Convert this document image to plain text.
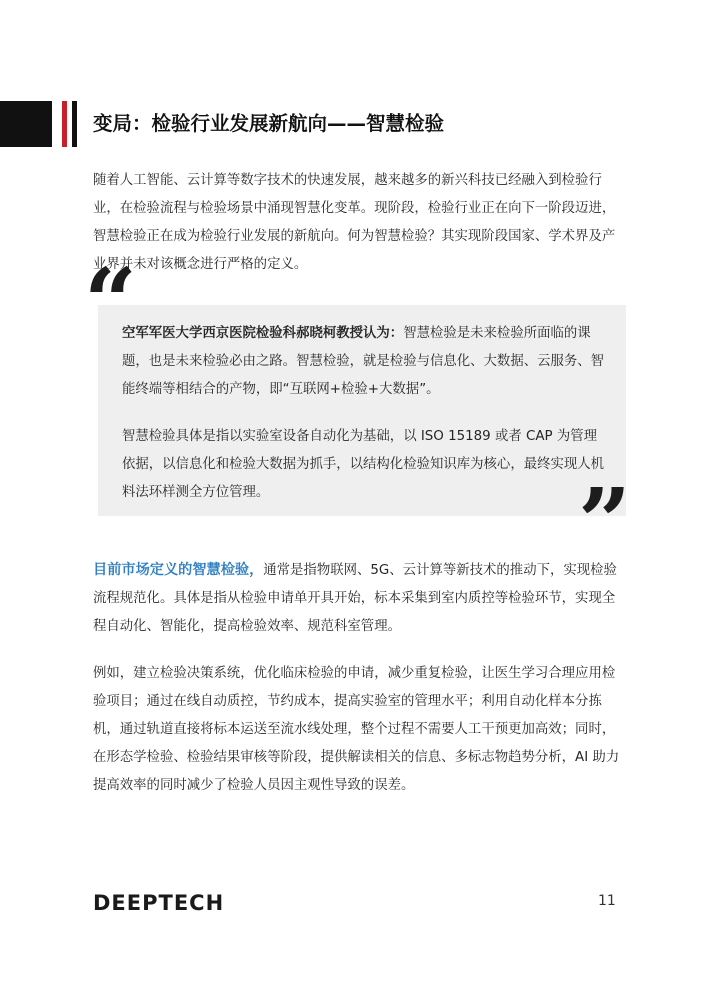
变局：检验行业发展新航向——智慧检验

随着人工智能、云计算等数字技术的快速发展，越来越多的新兴科技已经融入到检验行业，在检验流程与检验场景中涌现智慧化变革。现阶段，检验行业正在向下一阶段迈进，智慧检验正在成为检验行业发展的新航向。何为智慧检验？其实现阶段国家、学术界及产业界并未对该概念进行严格的定义。

“

空军军医大学西京医院检验科郝晓柯教授认为：智慧检验是未来检验所面临的课题，也是未来检验必由之路。智慧检验，就是检验与信息化、大数据、云服务、智能终端等相结合的产物，即“互联网+检验+大数据”。

智慧检验具体是指以实验室设备自动化为基础，以 ISO 15189 或者 CAP 为管理依据，以信息化和检验大数据为抓手，以结构化检验知识库为核心，最终实现人机料法环样测全方位管理。	”

目前市场定义的智慧检验，通常是指物联网、5G、云计算等新技术的推动下，实现检验流程规范化。具体是指从检验申请单开具开始，标本采集到室内质控等检验环节，实现全程自动化、智能化，提高检验效率、规范科室管理。

例如，建立检验决策系统，优化临床检验的申请，减少重复检验，让医生学习合理应用检验项目；通过在线自动质控，节约成本，提高实验室的管理水平；利用自动化样本分拣机，通过轨道直接将标本运送至流水线处理，整个过程不需要人工干预更加高效；同时，在形态学检验、检验结果审核等阶段，提供解读相关的信息、多标志物趋势分析，AI 助力提高效率的同时减少了检验人员因主观性导致的误差。

DEEPTECH	11
